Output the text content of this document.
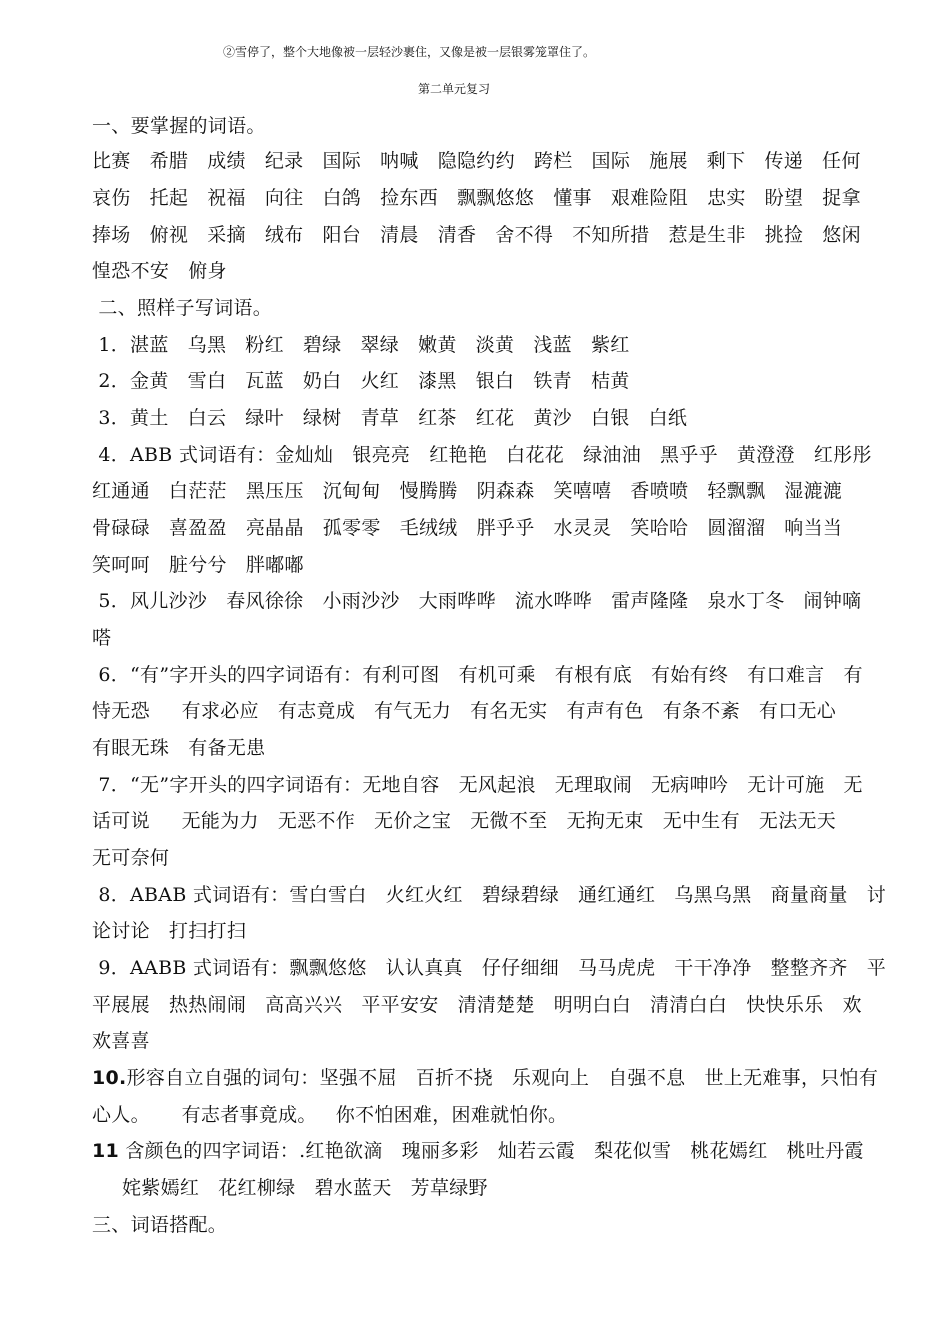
②雪停了，整个大地像被一层轻沙裹住，又像是被一层银雾笼罩住了。
第二单元复习
一、要掌握的词语。
比赛   希腊   成绩   纪录   国际   呐喊   隐隐约约   跨栏   国际   施展   剩下   传递   任何
哀伤   托起   祝福   向往   白鸽   捡东西   飘飘悠悠   懂事   艰难险阻   忠实   盼望   捉拿
捧场   俯视   采摘   绒布   阳台   清晨   清香   舍不得   不知所措   惹是生非   挑捡   悠闲
惶恐不安   俯身
二、照样子写词语。
1．湛蓝   乌黑   粉红   碧绿   翠绿   嫩黄   淡黄   浅蓝   紫红
2．金黄   雪白   瓦蓝   奶白   火红   漆黑   银白   铁青   桔黄
3．黄土   白云   绿叶   绿树   青草   红茶   红花   黄沙   白银   白纸
4．ABB 式词语有：金灿灿   银亮亮   红艳艳   白花花   绿油油   黑乎乎   黄澄澄   红彤彤
红通通   白茫茫   黑压压   沉甸甸   慢腾腾   阴森森   笑嘻嘻   香喷喷   轻飘飘   湿漉漉
骨碌碌   喜盈盈   亮晶晶   孤零零   毛绒绒   胖乎乎   水灵灵   笑哈哈   圆溜溜   响当当
笑呵呵   脏兮兮   胖嘟嘟
5．风儿沙沙   春风徐徐   小雨沙沙   大雨哗哗   流水哗哗   雷声隆隆   泉水丁冬   闹钟嘀
嗒
6．“有”字开头的四字词语有：有利可图   有机可乘   有根有底   有始有终   有口难言   有
恃无恐     有求必应   有志竟成   有气无力   有名无实   有声有色   有条不紊   有口无心
有眼无珠   有备无患
7．“无”字开头的四字词语有：无地自容   无风起浪   无理取闹   无病呻吟   无计可施   无
话可说     无能为力   无恶不作   无价之宝   无微不至   无拘无束   无中生有   无法无天
无可奈何
8．ABAB 式词语有：雪白雪白   火红火红   碧绿碧绿   通红通红   乌黑乌黑   商量商量   讨
论讨论   打扫打扫
9．AABB 式词语有：飘飘悠悠   认认真真   仔仔细细   马马虎虎   干干净净   整整齐齐   平
平展展   热热闹闹   高高兴兴   平平安安   清清楚楚   明明白白   清清白白   快快乐乐   欢
欢喜喜
10.形容自立自强的词句：坚强不屈   百折不挠   乐观向上   自强不息   世上无难事，只怕有
心人。     有志者事竟成。   你不怕困难，困难就怕你。
11 含颜色的四字词语：.红艳欲滴   瑰丽多彩   灿若云霞   梨花似雪   桃花嫣红   桃吐丹霞
姹紫嫣红   花红柳绿   碧水蓝天   芳草绿野
三、词语搭配。
